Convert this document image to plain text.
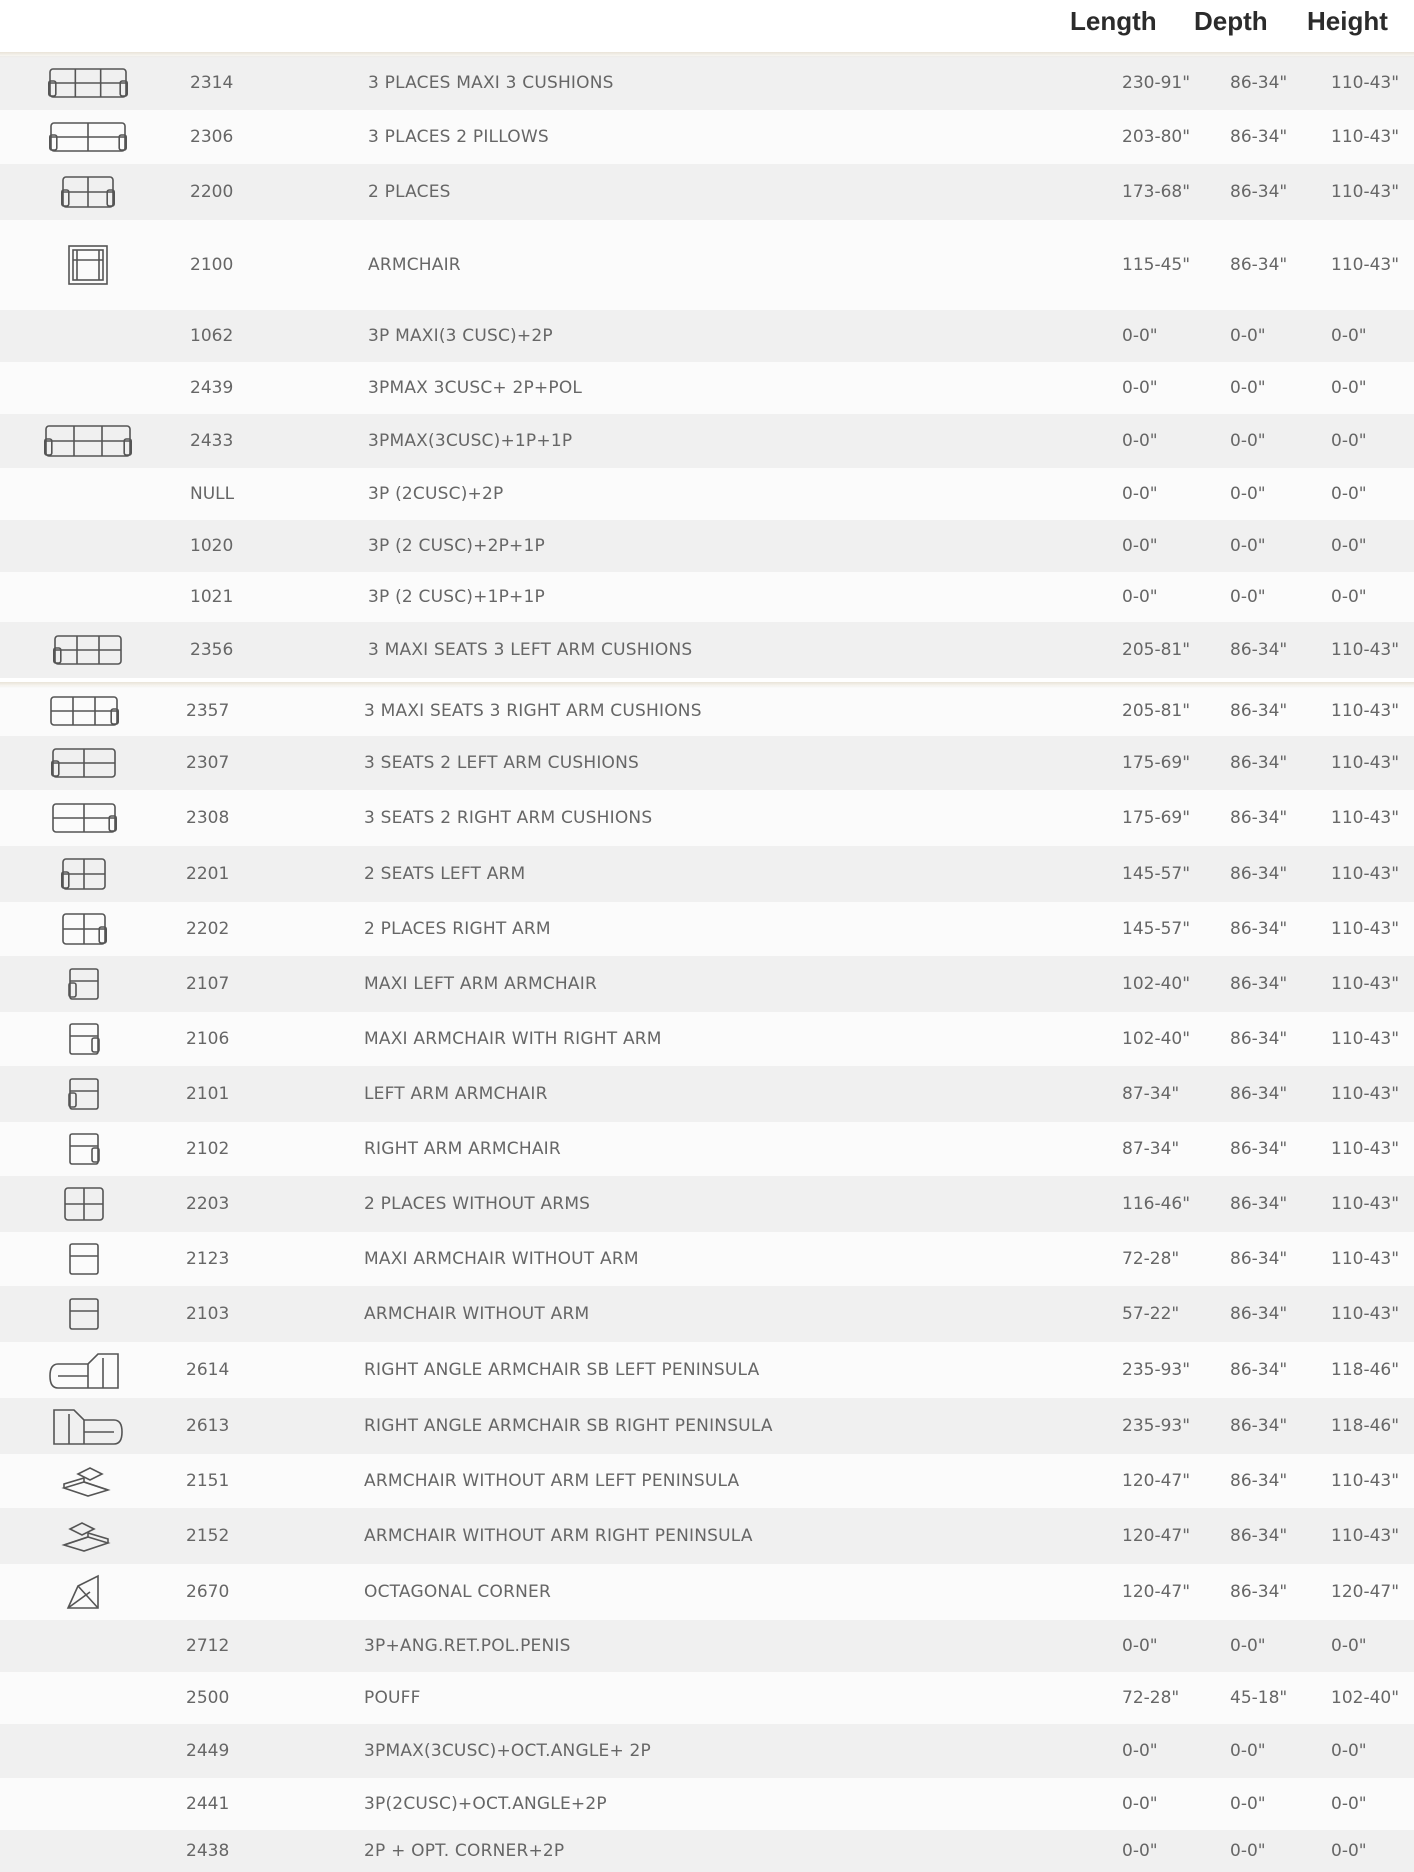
Length Depth Height
2314	3 PLACES MAXI 3 CUSHIONS	230-91" 86-34"	110-43"
2306	3 PLACES 2 PILLOWS	203-80" 86-34"	110-43"
2200	2 PLACES	173-68" 86-34"	110-43"
2100	ARMCHAIR	115-45" 86-34"	110-43"
1062	3P MAXI(3 CUSC)+2P	0-0"	0-0"	0-0"
2439	3PMAX 3CUSC+ 2P+POL	0-0"	0-0"	0-0"
2433	3PMAX(3CUSC)+1P+1P	0-0"	0-0"	0-0"
NULL	3P (2CUSC)+2P	0-0"	0-0"	0-0"
1020	3P (2 CUSC)+2P+1P	0-0"	0-0"	0-0"
1021	3P (2 CUSC)+1P+1P	0-0"	0-0"	0-0"
2356	3 MAXI SEATS 3 LEFT ARM CUSHIONS	205-81" 86-34"	110-43"
2357	3 MAXI SEATS 3 RIGHT ARM CUSHIONS	205-81" 86-34"	110-43"
2307	3 SEATS 2 LEFT ARM CUSHIONS	175-69" 86-34"	110-43"
2308	3 SEATS 2 RIGHT ARM CUSHIONS	175-69" 86-34"	110-43"
2201	2 SEATS LEFT ARM	145-57" 86-34"	110-43"
2202	2 PLACES RIGHT ARM	145-57" 86-34"	110-43"
2107	MAXI LEFT ARM ARMCHAIR	102-40" 86-34"	110-43"
2106	MAXI ARMCHAIR WITH RIGHT ARM	102-40" 86-34"	110-43"
2101	LEFT ARM ARMCHAIR	87-34"	86-34"	110-43"
2102	RIGHT ARM ARMCHAIR	87-34"	86-34"	110-43"
2203	2 PLACES WITHOUT ARMS	116-46" 86-34"	110-43"
2123	MAXI ARMCHAIR WITHOUT ARM	72-28"	86-34"	110-43"
2103	ARMCHAIR WITHOUT ARM	57-22"	86-34"	110-43"
2614	RIGHT ANGLE ARMCHAIR SB LEFT PENINSULA	235-93" 86-34"	118-46"
2613	RIGHT ANGLE ARMCHAIR SB RIGHT PENINSULA	235-93" 86-34"	118-46"
2151	ARMCHAIR WITHOUT ARM LEFT PENINSULA	120-47" 86-34"	110-43"
2152	ARMCHAIR WITHOUT ARM RIGHT PENINSULA	120-47" 86-34"	110-43"
2670	OCTAGONAL CORNER	120-47" 86-34"	120-47"
2712	3P+ANG.RET.POL.PENIS	0-0"	0-0"	0-0"
2500	POUFF	72-28"	45-18"	102-40"
2449	3PMAX(3CUSC)+OCT.ANGLE+ 2P	0-0"	0-0"	0-0"
2441	3P(2CUSC)+OCT.ANGLE+2P	0-0"	0-0"	0-0"
2438	2P + OPT. CORNER+2P	0-0"	0-0"	0-0"
